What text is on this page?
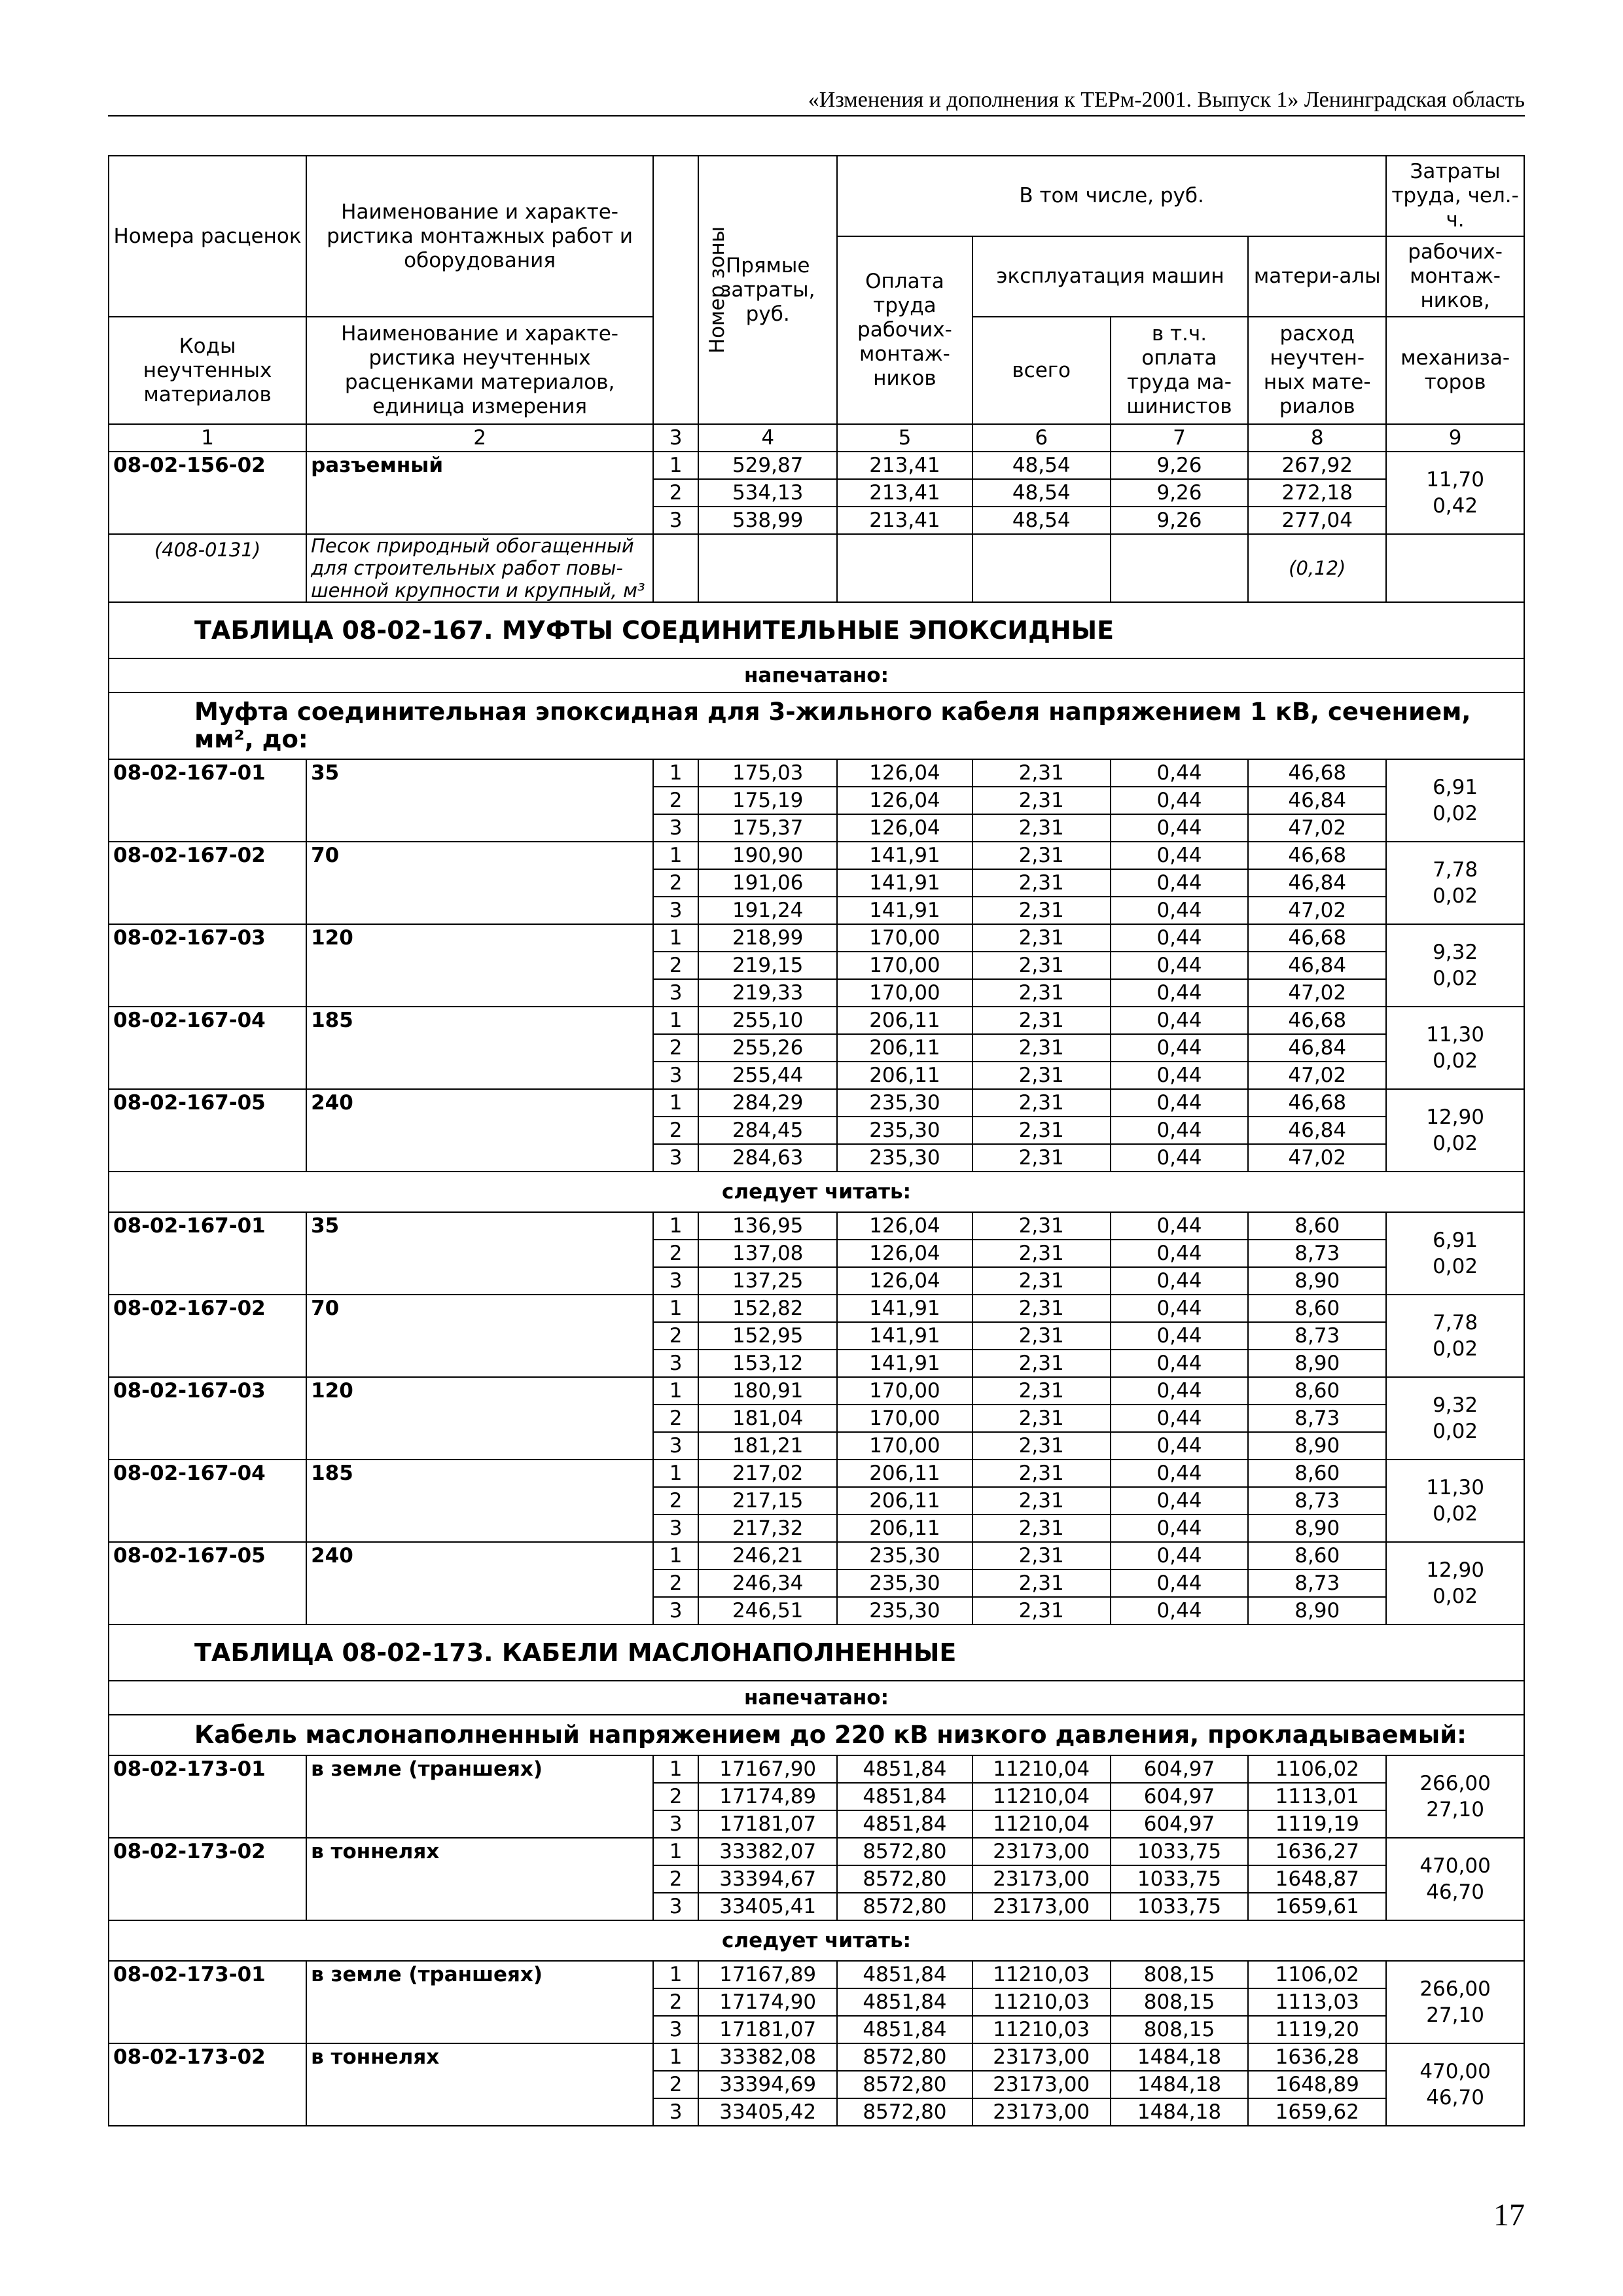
«Изменения и дополнения к ТЕРм-2001. Выпуск 1» Ленинградская область
Номера расценок	Наименование и характе-ристика монтажных работ и оборудования	Номер зоны	Прямые затраты, руб.	В том числе, руб.				Затраты труда, чел.-ч.
				Оплата труда рабочих-монтаж-ников	эксплуатация машин		матери-алы	рабочих-монтаж-ников,
Коды неучтенных материалов	Наименование и характе-ристика неучтенных расценками материалов, единица измерения				всего	в т.ч. оплата труда ма-шинистов	расход неучтен-ных мате-риалов	механиза-торов
1	2	3	4	5	6	7	8	9
08-02-156-02	разъемный	1	529,87	213,41	48,54	9,26	267,92	11,70
0,42
		2	534,13	213,41	48,54	9,26	272,18	
		3	538,99	213,41	48,54	9,26	277,04	
(408-0131)	Песок природный обогащенный для строительных работ повы-шенной крупности и крупный, м³						(0,12)	
ТАБЛИЦА 08-02-167. МУФТЫ СОЕДИНИТЕЛЬНЫЕ ЭПОКСИДНЫЕ								
напечатано:								
Муфта соединительная эпоксидная для 3-жильного кабеля напряжением 1 кВ, сечением, мм², до:								
08-02-167-01	35	1	175,03	126,04	2,31	0,44	46,68	6,91
0,02
		2	175,19	126,04	2,31	0,44	46,84	
		3	175,37	126,04	2,31	0,44	47,02	
08-02-167-02	70	1	190,90	141,91	2,31	0,44	46,68	7,78
0,02
		2	191,06	141,91	2,31	0,44	46,84	
		3	191,24	141,91	2,31	0,44	47,02	
08-02-167-03	120	1	218,99	170,00	2,31	0,44	46,68	9,32
0,02
		2	219,15	170,00	2,31	0,44	46,84	
		3	219,33	170,00	2,31	0,44	47,02	
08-02-167-04	185	1	255,10	206,11	2,31	0,44	46,68	11,30
0,02
		2	255,26	206,11	2,31	0,44	46,84	
		3	255,44	206,11	2,31	0,44	47,02	
08-02-167-05	240	1	284,29	235,30	2,31	0,44	46,68	12,90
0,02
		2	284,45	235,30	2,31	0,44	46,84	
		3	284,63	235,30	2,31	0,44	47,02	
следует читать:								
08-02-167-01	35	1	136,95	126,04	2,31	0,44	8,60	6,91
0,02
		2	137,08	126,04	2,31	0,44	8,73	
		3	137,25	126,04	2,31	0,44	8,90	
08-02-167-02	70	1	152,82	141,91	2,31	0,44	8,60	7,78
0,02
		2	152,95	141,91	2,31	0,44	8,73	
		3	153,12	141,91	2,31	0,44	8,90	
08-02-167-03	120	1	180,91	170,00	2,31	0,44	8,60	9,32
0,02
		2	181,04	170,00	2,31	0,44	8,73	
		3	181,21	170,00	2,31	0,44	8,90	
08-02-167-04	185	1	217,02	206,11	2,31	0,44	8,60	11,30
0,02
		2	217,15	206,11	2,31	0,44	8,73	
		3	217,32	206,11	2,31	0,44	8,90	
08-02-167-05	240	1	246,21	235,30	2,31	0,44	8,60	12,90
0,02
		2	246,34	235,30	2,31	0,44	8,73	
		3	246,51	235,30	2,31	0,44	8,90	
ТАБЛИЦА 08-02-173. КАБЕЛИ МАСЛОНАПОЛНЕННЫЕ								
напечатано:								
Кабель маслонаполненный напряжением до 220 кВ низкого давления, прокладываемый:								
08-02-173-01	в земле (траншеях)	1	17167,90	4851,84	11210,04	604,97	1106,02	266,00
27,10
		2	17174,89	4851,84	11210,04	604,97	1113,01	
		3	17181,07	4851,84	11210,04	604,97	1119,19	
08-02-173-02	в тоннелях	1	33382,07	8572,80	23173,00	1033,75	1636,27	470,00
46,70
		2	33394,67	8572,80	23173,00	1033,75	1648,87	
		3	33405,41	8572,80	23173,00	1033,75	1659,61	
следует читать:								
08-02-173-01	в земле (траншеях)	1	17167,89	4851,84	11210,03	808,15	1106,02	266,00
27,10
		2	17174,90	4851,84	11210,03	808,15	1113,03	
		3	17181,07	4851,84	11210,03	808,15	1119,20	
08-02-173-02	в тоннелях	1	33382,08	8572,80	23173,00	1484,18	1636,28	470,00
46,70
		2	33394,69	8572,80	23173,00	1484,18	1648,89	
		3	33405,42	8572,80	23173,00	1484,18	1659,62	
17
